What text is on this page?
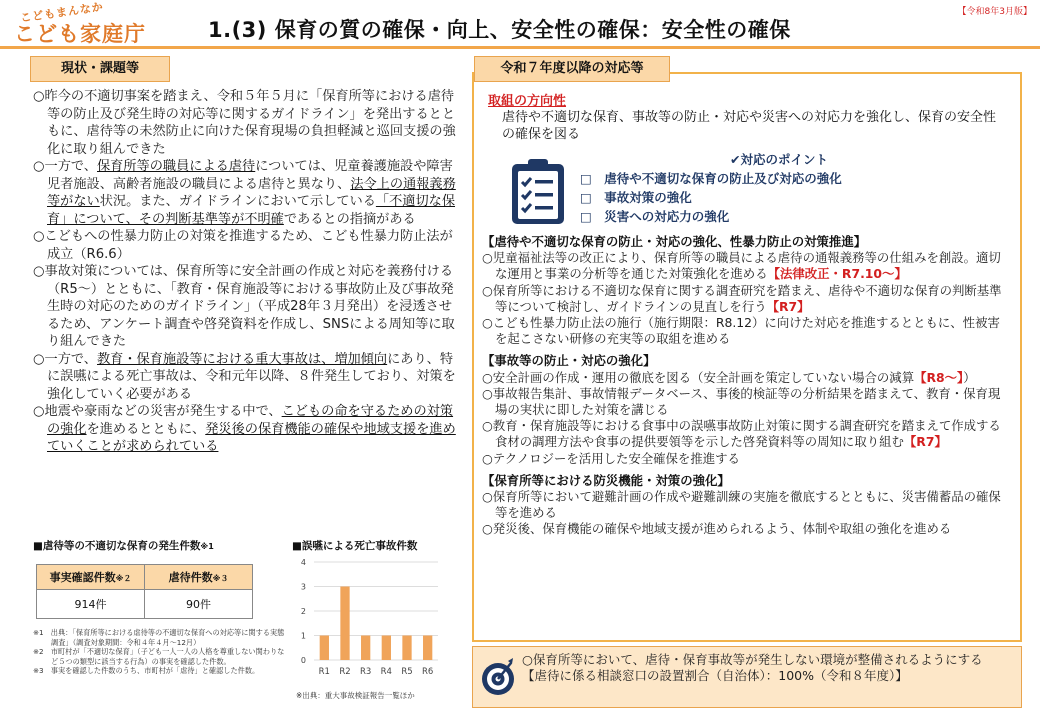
こどもまんなか
こども家庭庁	1.(3) 保育の質の確保・向上、安全性の確保：安全性の確保
【令和8年3月版】
現状・課題等
○昨今の不適切事案を踏まえ、令和５年５月に「保育所等における虐待等の防止及び発生時の対応等に関するガイドライン」を発出するとともに、虐待等の未然防止に向けた保育現場の負担軽減と巡回支援の強化に取り組んできた
○一方で、保育所等の職員による虐待については、児童養護施設や障害児者施設、高齢者施設の職員による虐待と異なり、法令上の通報義務等がない状況。また、ガイドラインにおいて示している「不適切な保育」について、その判断基準等が不明確であるとの指摘がある
○こどもへの性暴力防止の対策を推進するため、こども性暴力防止法が成立（R6.6）
○事故対策については、保育所等に安全計画の作成と対応を義務付ける（R5～）とともに、「教育・保育施設等における事故防止及び事故発生時の対応のためのガイドライン」（平成28年３月発出）を浸透させるため、アンケート調査や啓発資料を作成し、SNSによる周知等に取り組んできた
○一方で、教育・保育施設等における重大事故は、増加傾向にあり、特に誤嚥による死亡事故は、令和元年以降、８件発生しており、対策を強化していく必要がある
○地震や豪雨などの災害が発生する中で、こどもの命を守るための対策の強化を進めるとともに、発災後の保育機能の確保や地域支援を進めていくことが求められている
■虐待等の不適切な保育の発生件数※1
事実確認件数※２	虐待件数※３
914件	90件
※1　出典：「保育所等における虐待等の不適切な保育への対応等に関する実態調査」（調査対象期間：令和４年４月～12月）
※2　市町村が「不適切な保育」（子ども一人一人の人格を尊重しない関わりなど５つの類型に該当する行為）の事実を確認した件数。
※3　事実を確認した件数のうち、市町村が「虐待」と確認した件数。
■誤嚥による死亡事故件数
0
1
2
3
4
R1 R2 R3 R4 R5 R6
※出典：重大事故検証報告一覧ほか
令和７年度以降の対応等
取組の方向性
虐待や不適切な保育、事故等の防止・対応や災害への対応力を強化し、保育の安全性の確保を図る
✔対応のポイント
□　虐待や不適切な保育の防止及び対応の強化
□　事故対策の強化
□　災害への対応力の強化
【虐待や不適切な保育の防止・対応の強化、性暴力防止の対策推進】
○児童福祉法等の改正により、保育所等の職員による虐待の通報義務等の仕組みを創設。適切な運用と事業の分析等を通じた対策強化を進める【法律改正・R7.10～】
○保育所等における不適切な保育に関する調査研究を踏まえ、虐待や不適切な保育の判断基準等について検討し、ガイドラインの見直しを行う【R7】
○こども性暴力防止法の施行（施行期限：R8.12）に向けた対応を推進するとともに、性被害を起こさない研修の充実等の取組を進める
【事故等の防止・対応の強化】
○安全計画の作成・運用の徹底を図る（安全計画を策定していない場合の減算【R8～】）
○事故報告集計、事故情報データベース、事後的検証等の分析結果を踏まえて、教育・保育現場の実状に即した対策を講じる
○教育・保育施設等における食事中の誤嚥事故防止対策に関する調査研究を踏まえて作成する食材の調理方法や食事の提供要領等を示した啓発資料等の周知に取り組む【R7】
○テクノロジーを活用した安全確保を推進する
【保育所等における防災機能・対策の強化】
○保育所等において避難計画の作成や避難訓練の実施を徹底するとともに、災害備蓄品の確保等を進める
○発災後、保育機能の確保や地域支援が進められるよう、体制や取組の強化を進める
○保育所等において、虐待・保育事故等が発生しない環境が整備されるようにする
【虐待に係る相談窓口の設置割合（自治体）：100%（令和８年度）】
